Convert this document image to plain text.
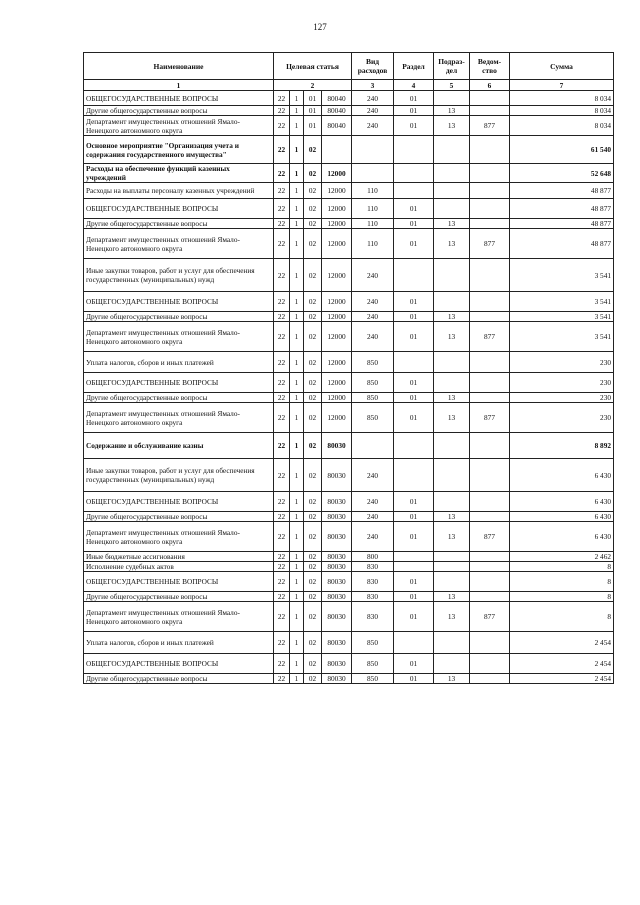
127
Наименование	Целевая статья				Вид расходов	Раздел	Подраз-дел	Ведом-ство	Сумма
1	2				3	4	5	6	7
ОБЩЕГОСУДАРСТВЕННЫЕ ВОПРОСЫ	22	1	01	80040	240	01			8 034
Другие общегосударственные вопросы	22	1	01	80040	240	01	13		8 034
Департамент имущественных отношений Ямало-Ненецкого автономного округа	22	1	01	80040	240	01	13	877	8 034
Основное мероприятие "Организация учета и содержания государственного имущества"	22	1	02						61 540
Расходы на обеспечение функций казенных учреждений	22	1	02	12000					52 648
Расходы на выплаты персоналу казенных учреждений	22	1	02	12000	110				48 877
ОБЩЕГОСУДАРСТВЕННЫЕ ВОПРОСЫ	22	1	02	12000	110	01			48 877
Другие общегосударственные вопросы	22	1	02	12000	110	01	13		48 877
Департамент имущественных отношений Ямало-Ненецкого автономного округа	22	1	02	12000	110	01	13	877	48 877
Иные закупки товаров, работ и услуг для обеспечения государственных (муниципальных) нужд	22	1	02	12000	240				3 541
ОБЩЕГОСУДАРСТВЕННЫЕ ВОПРОСЫ	22	1	02	12000	240	01			3 541
Другие общегосударственные вопросы	22	1	02	12000	240	01	13		3 541
Департамент имущественных отношений Ямало-Ненецкого автономного округа	22	1	02	12000	240	01	13	877	3 541
Уплата налогов, сборов и иных платежей	22	1	02	12000	850				230
ОБЩЕГОСУДАРСТВЕННЫЕ ВОПРОСЫ	22	1	02	12000	850	01			230
Другие общегосударственные вопросы	22	1	02	12000	850	01	13		230
Департамент имущественных отношений Ямало-Ненецкого автономного округа	22	1	02	12000	850	01	13	877	230
Содержание и обслуживание казны	22	1	02	80030					8 892
Иные закупки товаров, работ и услуг для обеспечения государственных (муниципальных) нужд	22	1	02	80030	240				6 430
ОБЩЕГОСУДАРСТВЕННЫЕ ВОПРОСЫ	22	1	02	80030	240	01			6 430
Другие общегосударственные вопросы	22	1	02	80030	240	01	13		6 430
Департамент имущественных отношений Ямало-Ненецкого автономного округа	22	1	02	80030	240	01	13	877	6 430
Иные бюджетные ассигнования	22	1	02	80030	800				2 462
Исполнение судебных актов	22	1	02	80030	830				8
ОБЩЕГОСУДАРСТВЕННЫЕ ВОПРОСЫ	22	1	02	80030	830	01			8
Другие общегосударственные вопросы	22	1	02	80030	830	01	13		8
Департамент имущественных отношений Ямало-Ненецкого автономного округа	22	1	02	80030	830	01	13	877	8
Уплата налогов, сборов и иных платежей	22	1	02	80030	850				2 454
ОБЩЕГОСУДАРСТВЕННЫЕ ВОПРОСЫ	22	1	02	80030	850	01			2 454
Другие общегосударственные вопросы	22	1	02	80030	850	01	13		2 454
